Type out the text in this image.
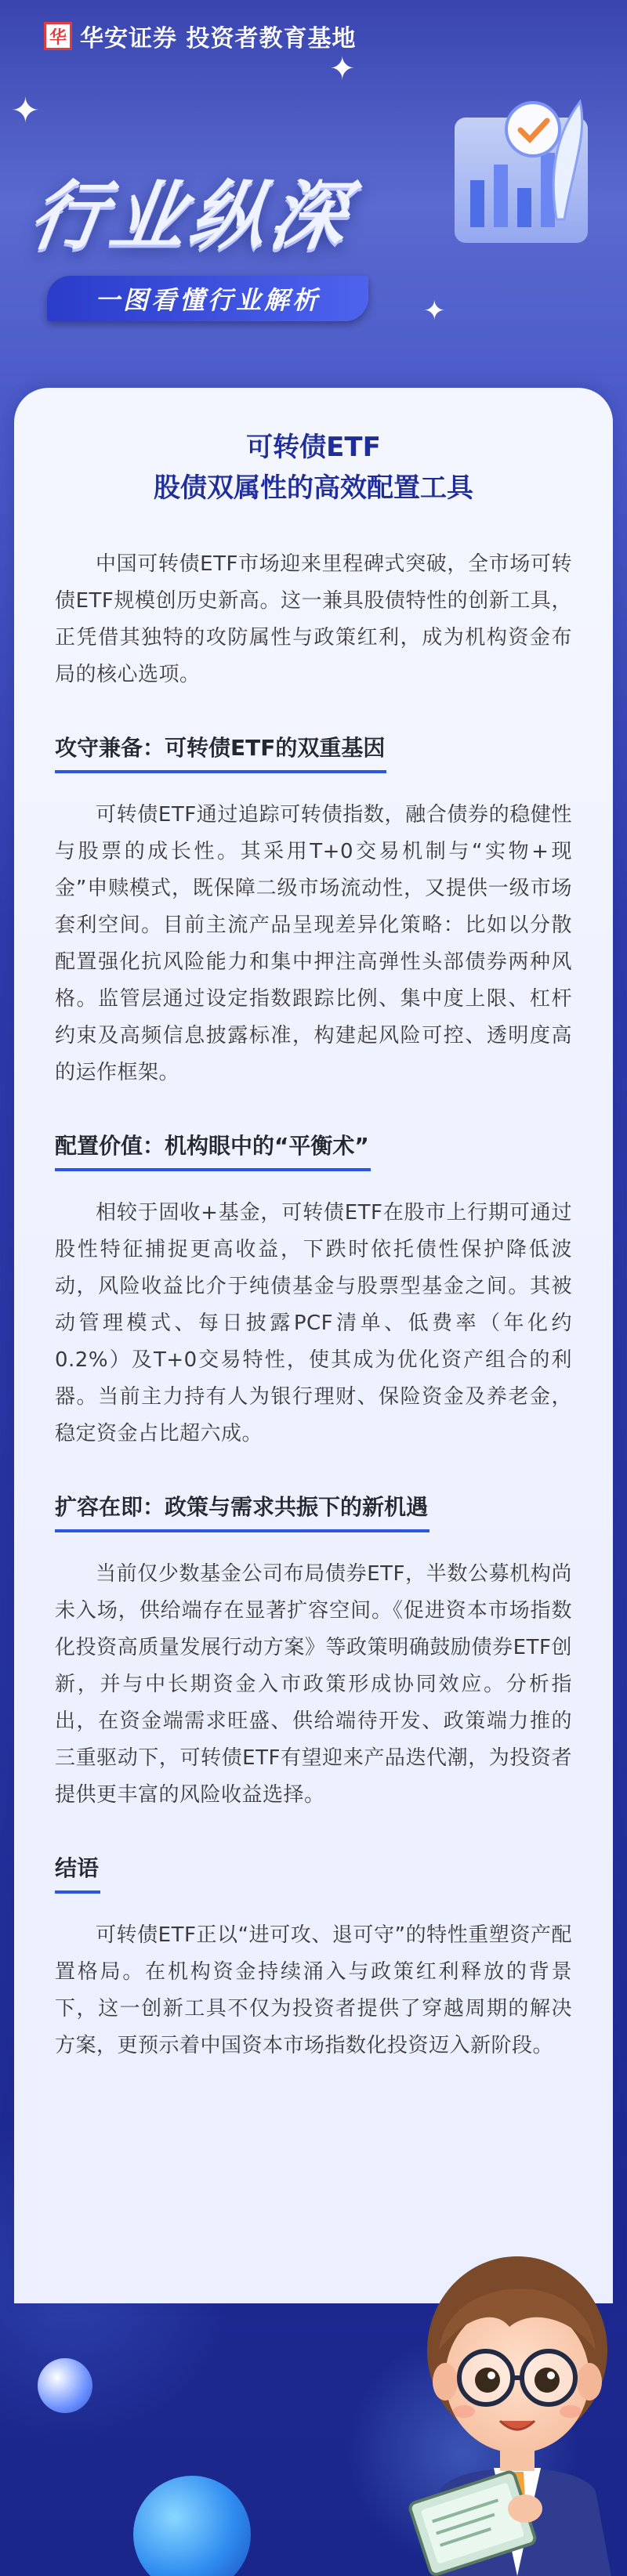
华 华安证券 投资者教育基地
✦
✦
✦
行业纵深
一图看懂行业解析
可转债ETF
股债双属性的高效配置工具

中国可转债ETF市场迎来里程碑式突破，全市场可转债ETF规模创历史新高。这一兼具股债特性的创新工具，正凭借其独特的攻防属性与政策红利，成为机构资金布局的核心选项。

攻守兼备：可转债ETF的双重基因

可转债ETF通过追踪可转债指数，融合债券的稳健性与股票的成长性。其采用T+0交易机制与“实物+现金”申赎模式，既保障二级市场流动性，又提供一级市场套利空间。目前主流产品呈现差异化策略：比如以分散配置强化抗风险能力和集中押注高弹性头部债券两种风格。监管层通过设定指数跟踪比例、集中度上限、杠杆约束及高频信息披露标准，构建起风险可控、透明度高的运作框架。

配置价值：机构眼中的“平衡术”

相较于固收+基金，可转债ETF在股市上行期可通过股性特征捕捉更高收益，下跌时依托债性保护降低波动，风险收益比介于纯债基金与股票型基金之间。其被动管理模式、每日披露PCF清单、低费率（年化约0.2%）及T+0交易特性，使其成为优化资产组合的利器。当前主力持有人为银行理财、保险资金及养老金，稳定资金占比超六成。

扩容在即：政策与需求共振下的新机遇

当前仅少数基金公司布局债券ETF，半数公募机构尚未入场，供给端存在显著扩容空间。《促进资本市场指数化投资高质量发展行动方案》等政策明确鼓励债券ETF创新，并与中长期资金入市政策形成协同效应。分析指出，在资金端需求旺盛、供给端待开发、政策端力推的三重驱动下，可转债ETF有望迎来产品迭代潮，为投资者提供更丰富的风险收益选择。

结语

可转债ETF正以“进可攻、退可守”的特性重塑资产配置格局。在机构资金持续涌入与政策红利释放的背景下，这一创新工具不仅为投资者提供了穿越周期的解决方案，更预示着中国资本市场指数化投资迈入新阶段。
